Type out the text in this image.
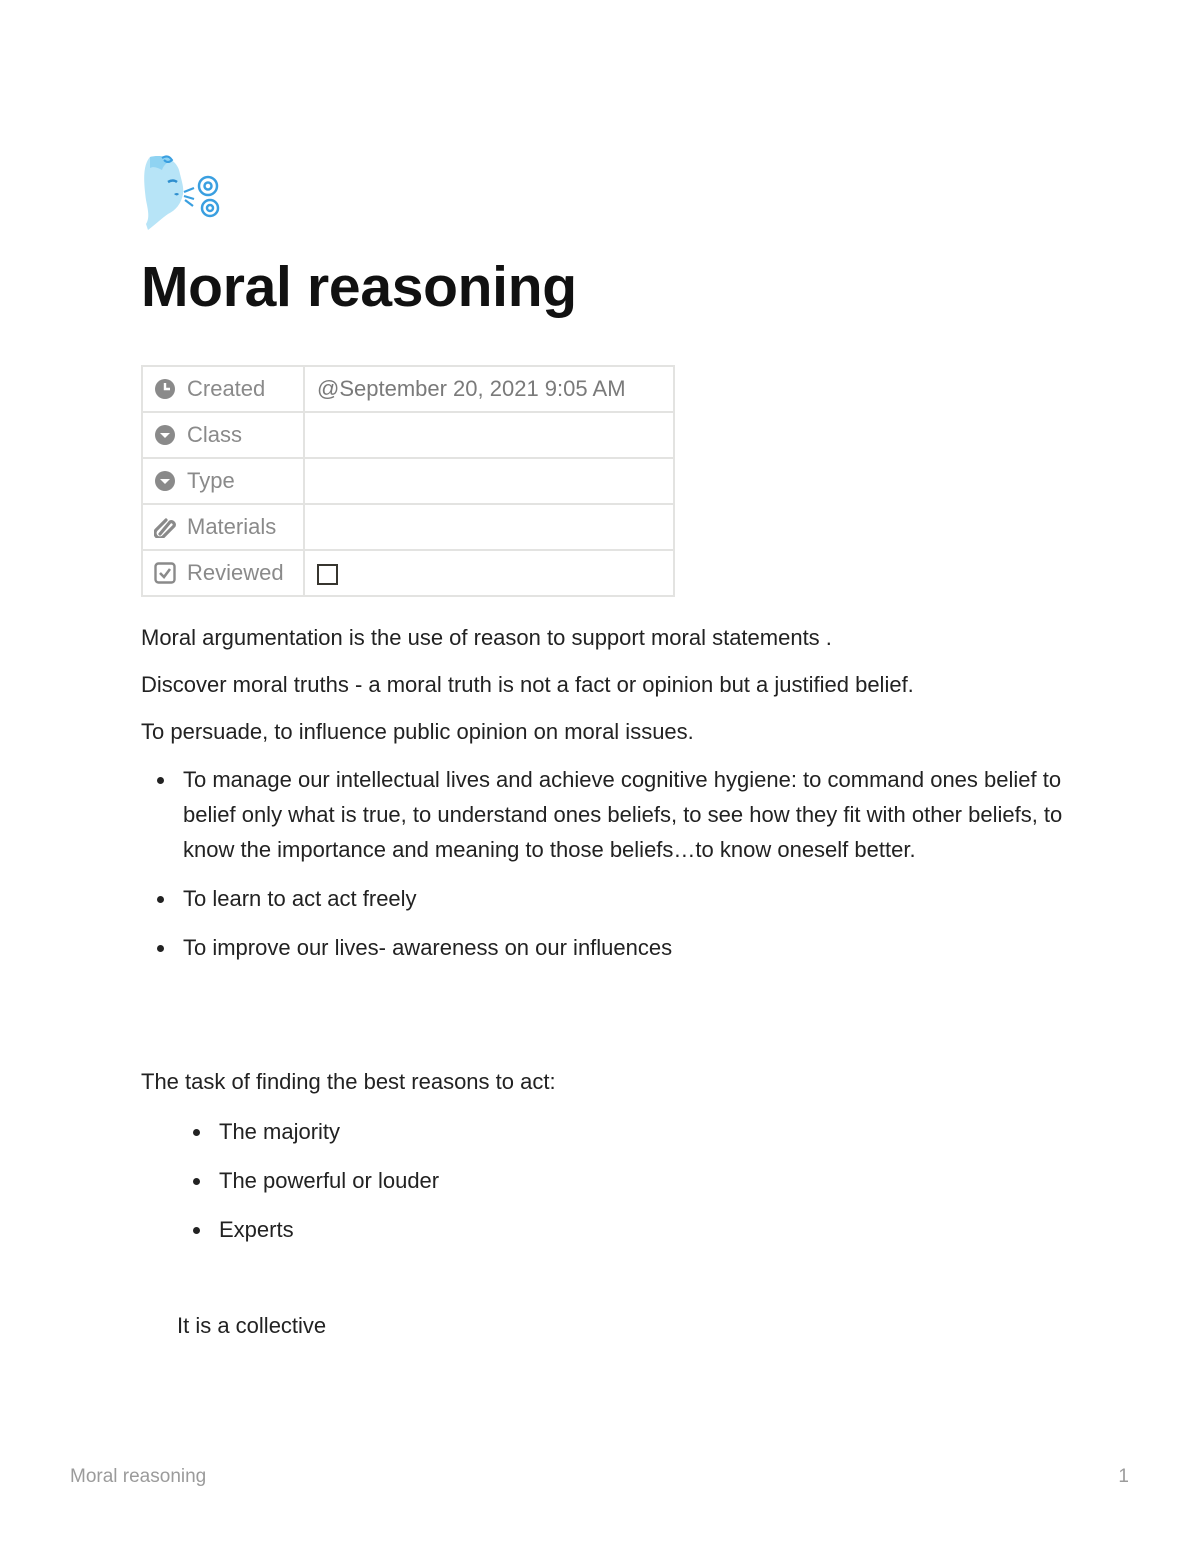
Moral reasoning
Created	@September 20, 2021 9:05 AM

Class	

Type	

Materials	

Reviewed	

Moral argumentation is the use of reason to support moral statements .

Discover moral truths - a moral truth is not a fact or opinion but a justified belief.

To persuade, to influence public opinion on moral issues.

To manage our intellectual lives and achieve cognitive hygiene: to command ones belief to belief only what is true, to understand ones beliefs, to see how they fit with other beliefs, to know the importance and meaning to those beliefs…to know oneself better.
To learn to act act freely
To improve our lives- awareness on our influences

The task of finding the best reasons to act:

The majority
The powerful or louder
Experts

It is a collective

Moral reasoning	1
